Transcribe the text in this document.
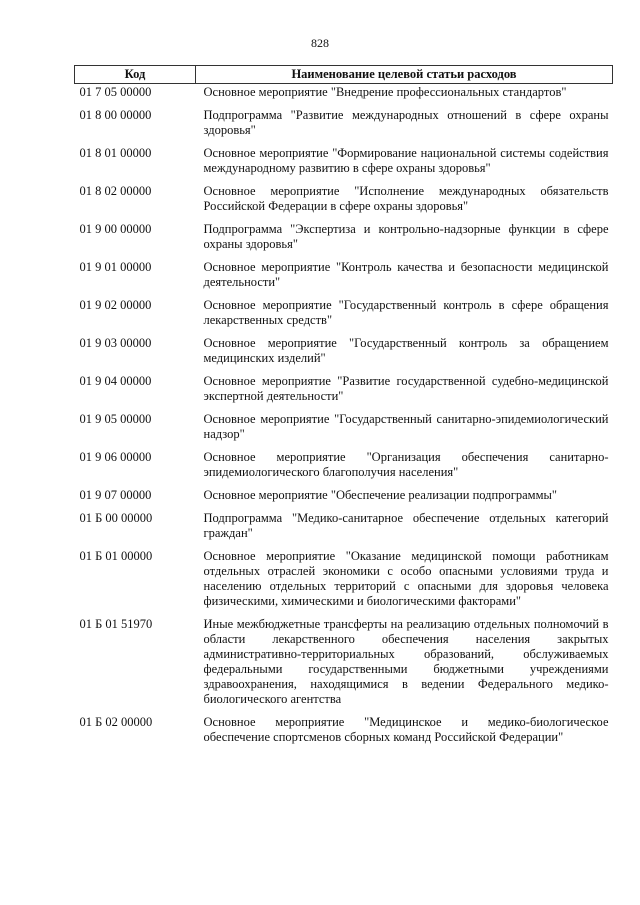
828
Код	Наименование целевой статьи расходов
01 7 05 00000	Основное мероприятие "Внедрение профессиональных стандартов"
01 8 00 00000	Подпрограмма "Развитие международных отношений в сфере охраны здоровья"
01 8 01 00000	Основное мероприятие "Формирование национальной системы содействия международному развитию в сфере охраны здоровья"
01 8 02 00000	Основное мероприятие "Исполнение международных обязательств Российской Федерации в сфере охраны здоровья"
01 9 00 00000	Подпрограмма "Экспертиза и контрольно-надзорные функции в сфере охраны здоровья"
01 9 01 00000	Основное мероприятие "Контроль качества и безопасности медицинской деятельности"
01 9 02 00000	Основное мероприятие "Государственный контроль в сфере обращения лекарственных средств"
01 9 03 00000	Основное мероприятие "Государственный контроль за обращением медицинских изделий"
01 9 04 00000	Основное мероприятие "Развитие государственной судебно-медицинской экспертной деятельности"
01 9 05 00000	Основное мероприятие "Государственный санитарно-эпидемиологический надзор"
01 9 06 00000	Основное мероприятие "Организация обеспечения санитарно-эпидемиологического благополучия населения"
01 9 07 00000	Основное мероприятие "Обеспечение реализации подпрограммы"
01 Б 00 00000	Подпрограмма "Медико-санитарное обеспечение отдельных категорий граждан"
01 Б 01 00000	Основное мероприятие "Оказание медицинской помощи работникам отдельных отраслей экономики с особо опасными условиями труда и населению отдельных территорий с опасными для здоровья человека физическими, химическими и биологическими факторами"
01 Б 01 51970	Иные межбюджетные трансферты на реализацию отдельных полномочий в области лекарственного обеспечения населения закрытых административно-территориальных образований, обслуживаемых федеральными государственными бюджетными учреждениями здравоохранения, находящимися в ведении Федерального медико-биологического агентства
01 Б 02 00000	Основное мероприятие "Медицинское и медико-биологическое обеспечение спортсменов сборных команд Российской Федерации"
